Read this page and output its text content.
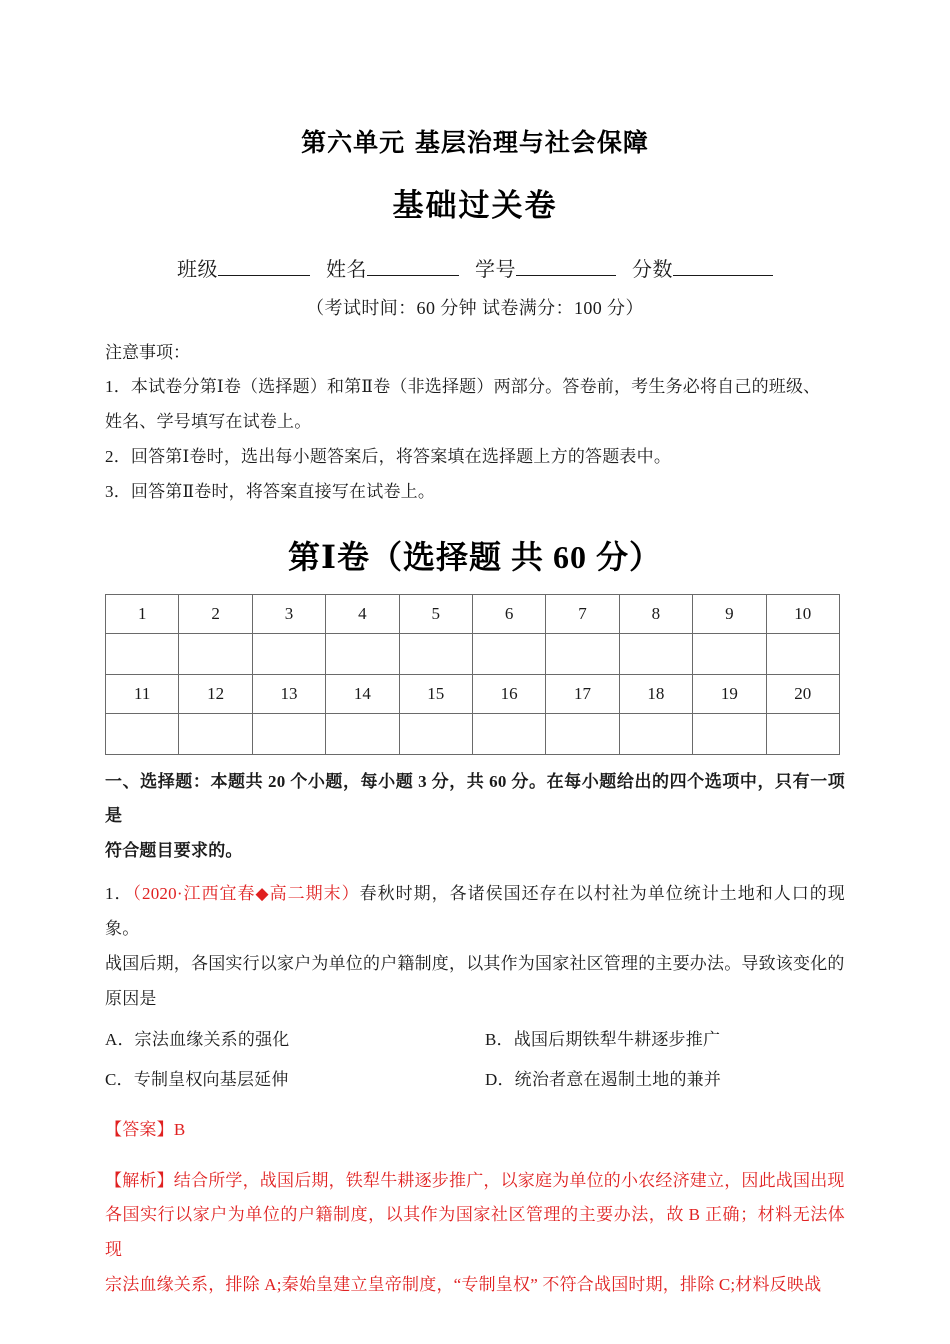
第六单元 基层治理与社会保障
基础过关卷
班级	姓名	学号	分数

（考试时间：60 分钟 试卷满分：100 分）

注意事项：

1．本试卷分第Ⅰ卷（选择题）和第Ⅱ卷（非选择题）两部分。答卷前，考生务必将自己的班级、

姓名、学号填写在试卷上。

2．回答第Ⅰ卷时，选出每小题答案后，将答案填在选择题上方的答题表中。

3．回答第Ⅱ卷时，将答案直接写在试卷上。

第Ⅰ卷（选择题 共 60 分）
1	2	3	4	5	6	7	8	9	10

11	12	13	14	15	16	17	18	19	20

一、选择题：本题共 20 个小题，每小题 3 分，共 60 分。在每小题给出的四个选项中，只有一项是

符合题目要求的。

1．（2020·江西宜春◆高二期末）春秋时期，各诸侯国还存在以村社为单位统计土地和人口的现象。

战国后期，各国实行以家户为单位的户籍制度，以其作为国家社区管理的主要办法。导致该变化的

原因是

A．宗法血缘关系的强化	B．战国后期铁犁牛耕逐步推广
C．专制皇权向基层延伸	D．统治者意在遏制土地的兼并

【答案】B

【解析】结合所学，战国后期，铁犁牛耕逐步推广，以家庭为单位的小农经济建立，因此战国出现

各国实行以家户为单位的户籍制度，以其作为国家社区管理的主要办法，故 B 正确；材料无法体现

宗法血缘关系，排除 A;秦始皇建立皇帝制度，“专制皇权” 不符合战国时期，排除 C;材料反映战
